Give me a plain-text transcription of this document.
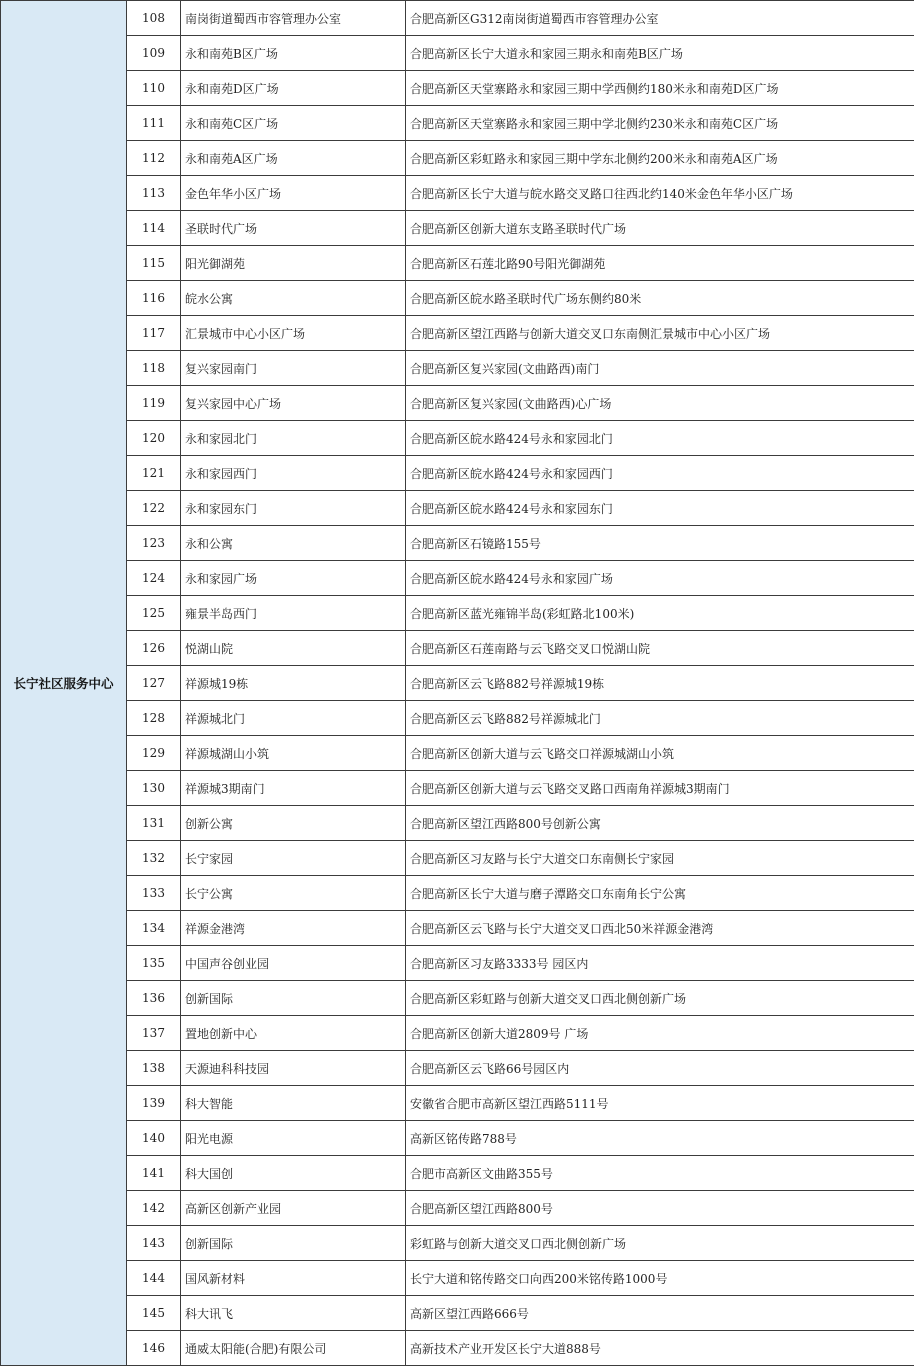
长宁社区服务中心	108	南岗街道蜀西市容管理办公室	合肥高新区G312南岗街道蜀西市容管理办公室
	109	永和南苑B区广场	合肥高新区长宁大道永和家园三期永和南苑B区广场
	110	永和南苑D区广场	合肥高新区天堂寨路永和家园三期中学西侧约180米永和南苑D区广场
	111	永和南苑C区广场	合肥高新区天堂寨路永和家园三期中学北侧约230米永和南苑C区广场
	112	永和南苑A区广场	合肥高新区彩虹路永和家园三期中学东北侧约200米永和南苑A区广场
	113	金色年华小区广场	合肥高新区长宁大道与皖水路交叉路口往西北约140米金色年华小区广场
	114	圣联时代广场	合肥高新区创新大道东支路圣联时代广场
	115	阳光御湖苑	合肥高新区石莲北路90号阳光御湖苑
	116	皖水公寓	合肥高新区皖水路圣联时代广场东侧约80米
	117	汇景城市中心小区广场	合肥高新区望江西路与创新大道交叉口东南侧汇景城市中心小区广场
	118	复兴家园南门	合肥高新区复兴家园(文曲路西)南门
	119	复兴家园中心广场	合肥高新区复兴家园(文曲路西)心广场
	120	永和家园北门	合肥高新区皖水路424号永和家园北门
	121	永和家园西门	合肥高新区皖水路424号永和家园西门
	122	永和家园东门	合肥高新区皖水路424号永和家园东门
	123	永和公寓	合肥高新区石镜路155号
	124	永和家园广场	合肥高新区皖水路424号永和家园广场
	125	雍景半岛西门	合肥高新区蓝光雍锦半岛(彩虹路北100米)
	126	悦湖山院	合肥高新区石莲南路与云飞路交叉口悦湖山院
	127	祥源城19栋	合肥高新区云飞路882号祥源城19栋
	128	祥源城北门	合肥高新区云飞路882号祥源城北门
	129	祥源城湖山小筑	合肥高新区创新大道与云飞路交口祥源城湖山小筑
	130	祥源城3期南门	合肥高新区创新大道与云飞路交叉路口西南角祥源城3期南门
	131	创新公寓	合肥高新区望江西路800号创新公寓
	132	长宁家园	合肥高新区习友路与长宁大道交口东南侧长宁家园
	133	长宁公寓	合肥高新区长宁大道与磨子潭路交口东南角长宁公寓
	134	祥源金港湾	合肥高新区云飞路与长宁大道交叉口西北50米祥源金港湾
	135	中国声谷创业园	合肥高新区习友路3333号 园区内
	136	创新国际	合肥高新区彩虹路与创新大道交叉口西北侧创新广场
	137	置地创新中心	合肥高新区创新大道2809号 广场
	138	天源迪科科技园	合肥高新区云飞路66号园区内
	139	科大智能	安徽省合肥市高新区望江西路5111号
	140	阳光电源	高新区铭传路788号
	141	科大国创	合肥市高新区文曲路355号
	142	高新区创新产业园	合肥高新区望江西路800号
	143	创新国际	彩虹路与创新大道交叉口西北侧创新广场
	144	国风新材料	长宁大道和铭传路交口向西200米铭传路1000号
	145	科大讯飞	高新区望江西路666号
	146	通威太阳能(合肥)有限公司	高新技术产业开发区长宁大道888号
